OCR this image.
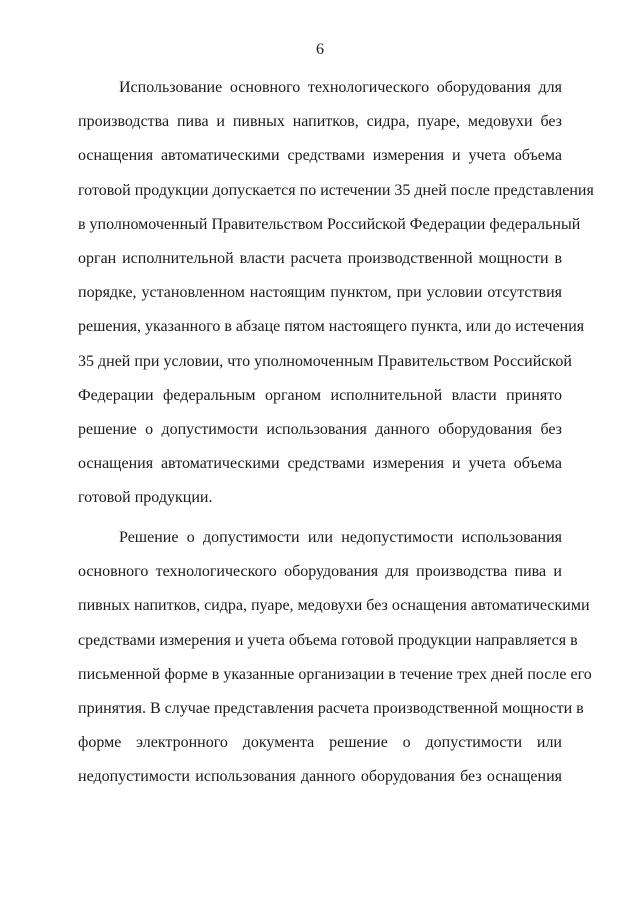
6
Использование основного технологического оборудования для
производства пива и пивных напитков, сидра, пуаре, медовухи без
оснащения автоматическими средствами измерения и учета объема
готовой продукции допускается по истечении 35 дней после представления
в уполномоченный Правительством Российской Федерации федеральный
орган исполнительной власти расчета производственной мощности в
порядке, установленном настоящим пунктом, при условии отсутствия
решения, указанного в абзаце пятом настоящего пункта, или до истечения
35 дней при условии, что уполномоченным Правительством Российской
Федерации федеральным органом исполнительной власти принято
решение о допустимости использования данного оборудования без
оснащения автоматическими средствами измерения и учета объема
готовой продукции.
Решение о допустимости или недопустимости использования
основного технологического оборудования для производства пива и
пивных напитков, сидра, пуаре, медовухи без оснащения автоматическими
средствами измерения и учета объема готовой продукции направляется в
письменной форме в указанные организации в течение трех дней после его
принятия. В случае представления расчета производственной мощности в
форме электронного документа решение о допустимости или
недопустимости использования данного оборудования без оснащения
